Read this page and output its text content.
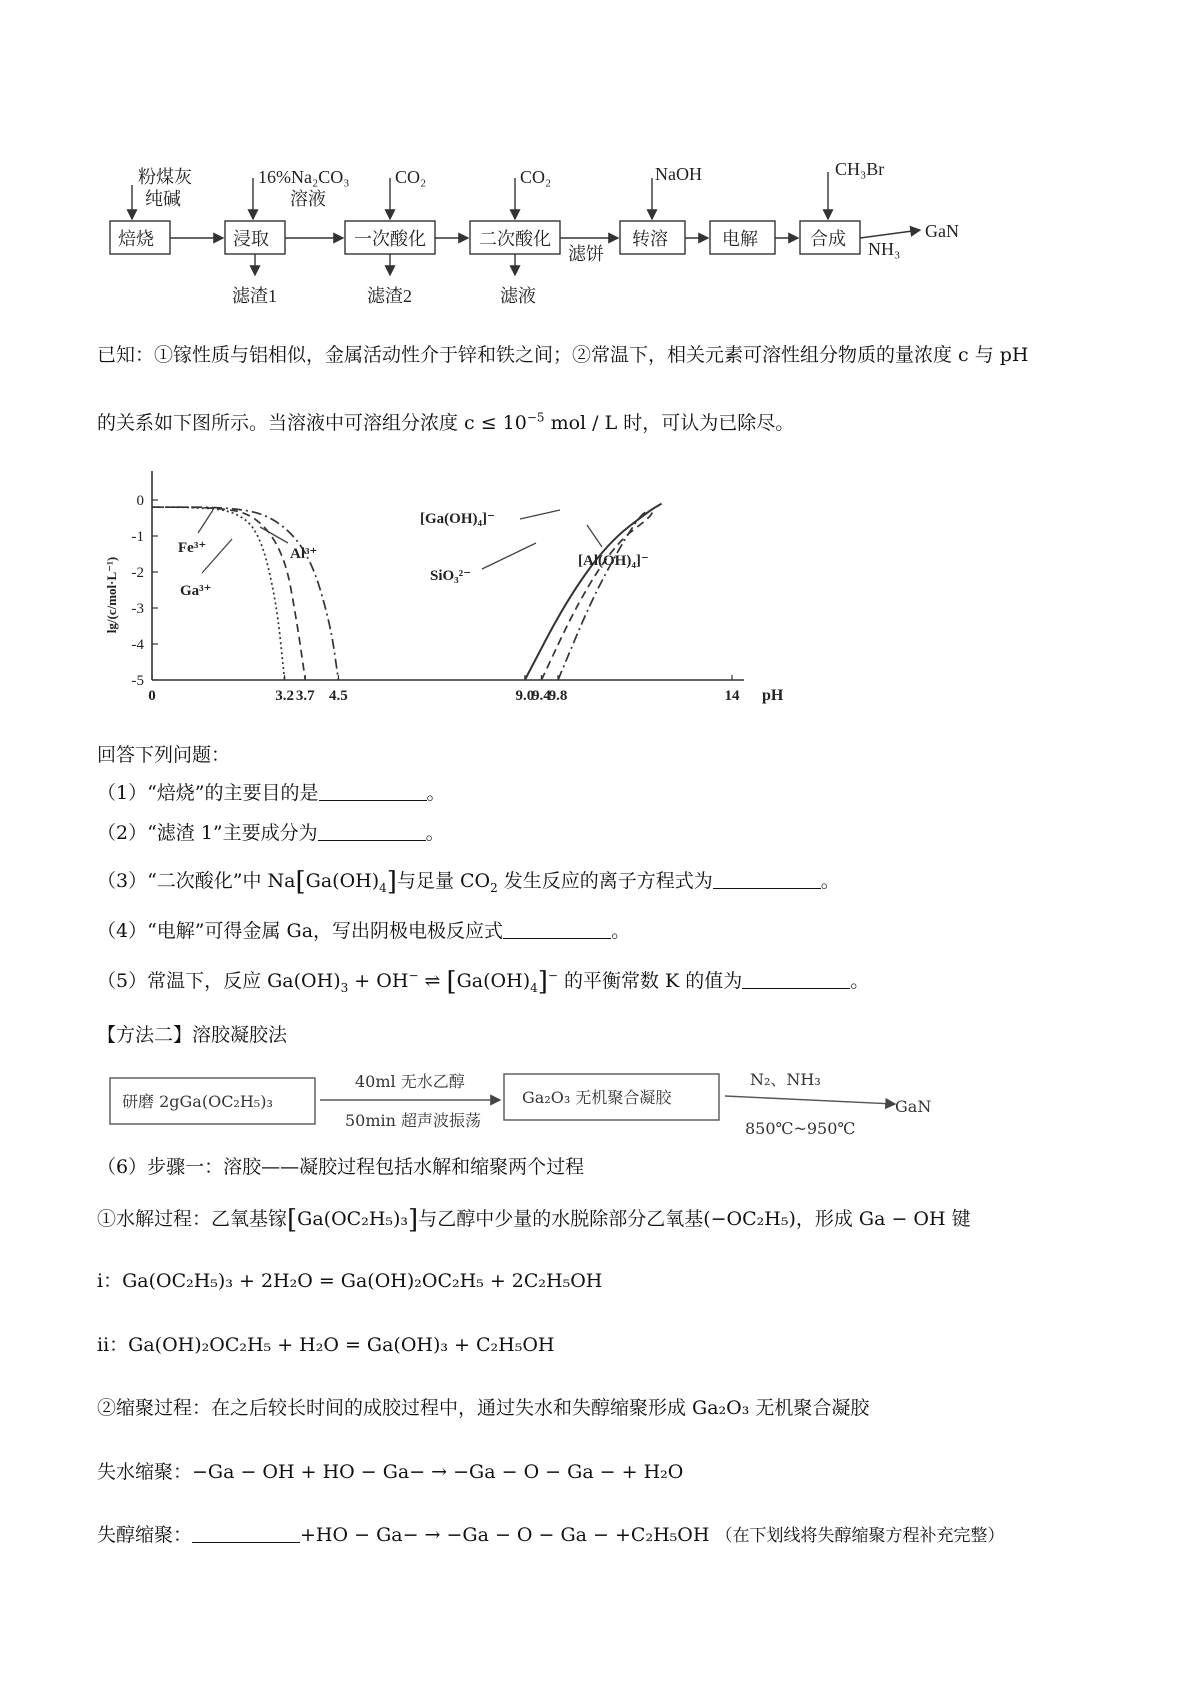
粉煤灰
纯碱
16%Na₂CO₃
溶液
CO₂	CO₂	NaOH	CH₃Br
焙烧	浸取	一次酸化	二次酸化	转溶	电解	合成
滤渣1	滤渣2	滤液
滤饼	NH₃
GaN
已知：①镓性质与铝相似，金属活动性介于锌和铁之间；②常温下，相关元素可溶性组分物质的量浓度 c 与 pH
的关系如下图所示。当溶液中可溶组分浓度 $c \le 10^{-5}$ mol / L 时，可认为已除尽。
0
-1
-2
-3
-4
-5
0	3.2 3.7 4.5	9.0
9.4
9.8	14 pH
lg/(c/mol·L⁻¹)
Fe³⁺
Ga³⁺
Al³⁺
[Ga(OH)₄]⁻
SiO₃²⁻
[Al(OH)₄]⁻
回答下列问题：
（1）“焙烧”的主要目的是	。
（2）“滤渣 1”主要成分为	。
（3）“二次酸化”中 $Na[Ga(OH)_4]$与足量 $CO_2$ 发生反应的离子方程式为	。
（4）“电解”可得金属 Ga，写出阴极电极反应式	。
（5）常温下，反应 $Ga(OH)_3 + OH^-$ ⇌ $[Ga(OH)_4]^-$ 的平衡常数 K 的值为	。
【方法二】溶胶凝胶法
研磨 2gGa(OC₂H₅)₃
40ml 无水乙醇
50min 超声波振荡
Ga₂O₃ 无机聚合凝胶
N₂、NH₃
850℃~950℃
GaN
（6）步骤一：溶胶——凝胶过程包括水解和缩聚两个过程
①水解过程：乙氧基镓[Ga(OC₂H₅)₃]与乙醇中少量的水脱除部分乙氧基(−OC₂H₅)，形成 Ga − OH 键
i：Ga(OC₂H₅)₃ + 2H₂O = Ga(OH)₂OC₂H₅ + 2C₂H₅OH
ii：Ga(OH)₂OC₂H₅ + H₂O = Ga(OH)₃ + C₂H₅OH
②缩聚过程：在之后较长时间的成胶过程中，通过失水和失醇缩聚形成 Ga₂O₃ 无机聚合凝胶
失水缩聚：−Ga − OH + HO − Ga− → −Ga − O − Ga − + H₂O
失醇缩聚：	+HO − Ga− → −Ga − O − Ga − +C₂H₅OH （在下划线将失醇缩聚方程补充完整）
